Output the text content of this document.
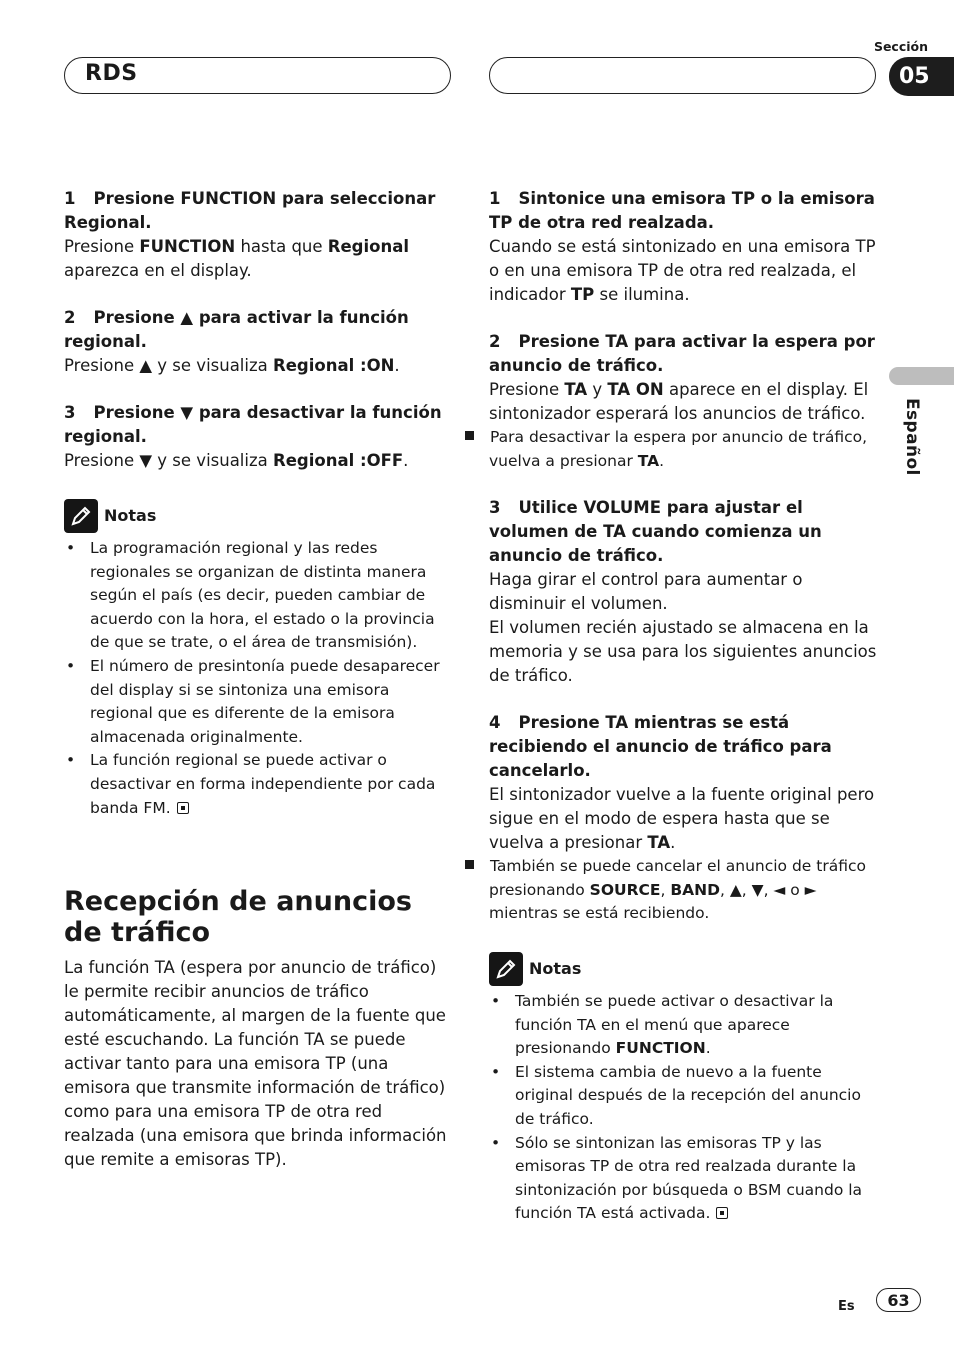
RDS
Sección
05
Español
1 Presione FUNCTION para seleccionar Regional.
Presione FUNCTION hasta que Regional aparezca en el display.
2 Presione ▲ para activar la función regional.
Presione ▲ y se visualiza Regional :ON.
3 Presione ▼ para desactivar la función regional.
Presione ▼ y se visualiza Regional :OFF.
Notas
• La programación regional y las redes regionales se organizan de distinta manera según el país (es decir, pueden cambiar de acuerdo con la hora, el estado o la provincia de que se trate, o el área de transmisión).
• El número de presintonía puede desaparecer del display si se sintoniza una emisora regional que es diferente de la emisora almacenada originalmente.
• La función regional se puede activar o desactivar en forma independiente por cada banda FM.
Recepción de anuncios de tráfico
La función TA (espera por anuncio de tráfico) le permite recibir anuncios de tráfico automáticamente, al margen de la fuente que esté escuchando. La función TA se puede activar tanto para una emisora TP (una emisora que transmite información de tráfico) como para una emisora TP de otra red realzada (una emisora que brinda información que remite a emisoras TP).
1 Sintonice una emisora TP o la emisora TP de otra red realzada.
Cuando se está sintonizado en una emisora TP o en una emisora TP de otra red realzada, el indicador TP se ilumina.
2 Presione TA para activar la espera por anuncio de tráfico.
Presione TA y TA ON aparece en el display. El sintonizador esperará los anuncios de tráfico.
Para desactivar la espera por anuncio de tráfico, vuelva a presionar TA.
3 Utilice VOLUME para ajustar el volumen de TA cuando comienza un anuncio de tráfico.
Haga girar el control para aumentar o disminuir el volumen.
El volumen recién ajustado se almacena en la memoria y se usa para los siguientes anuncios de tráfico.
4 Presione TA mientras se está recibiendo el anuncio de tráfico para cancelarlo.
El sintonizador vuelve a la fuente original pero sigue en el modo de espera hasta que se vuelva a presionar TA.
También se puede cancelar el anuncio de tráfico presionando SOURCE, BAND, ▲, ▼, ◄ o ► mientras se está recibiendo.
Notas
• También se puede activar o desactivar la función TA en el menú que aparece presionando FUNCTION.
• El sistema cambia de nuevo a la fuente original después de la recepción del anuncio de tráfico.
• Sólo se sintonizan las emisoras TP y las emisoras TP de otra red realzada durante la sintonización por búsqueda o BSM cuando la función TA está activada.
Es	63
